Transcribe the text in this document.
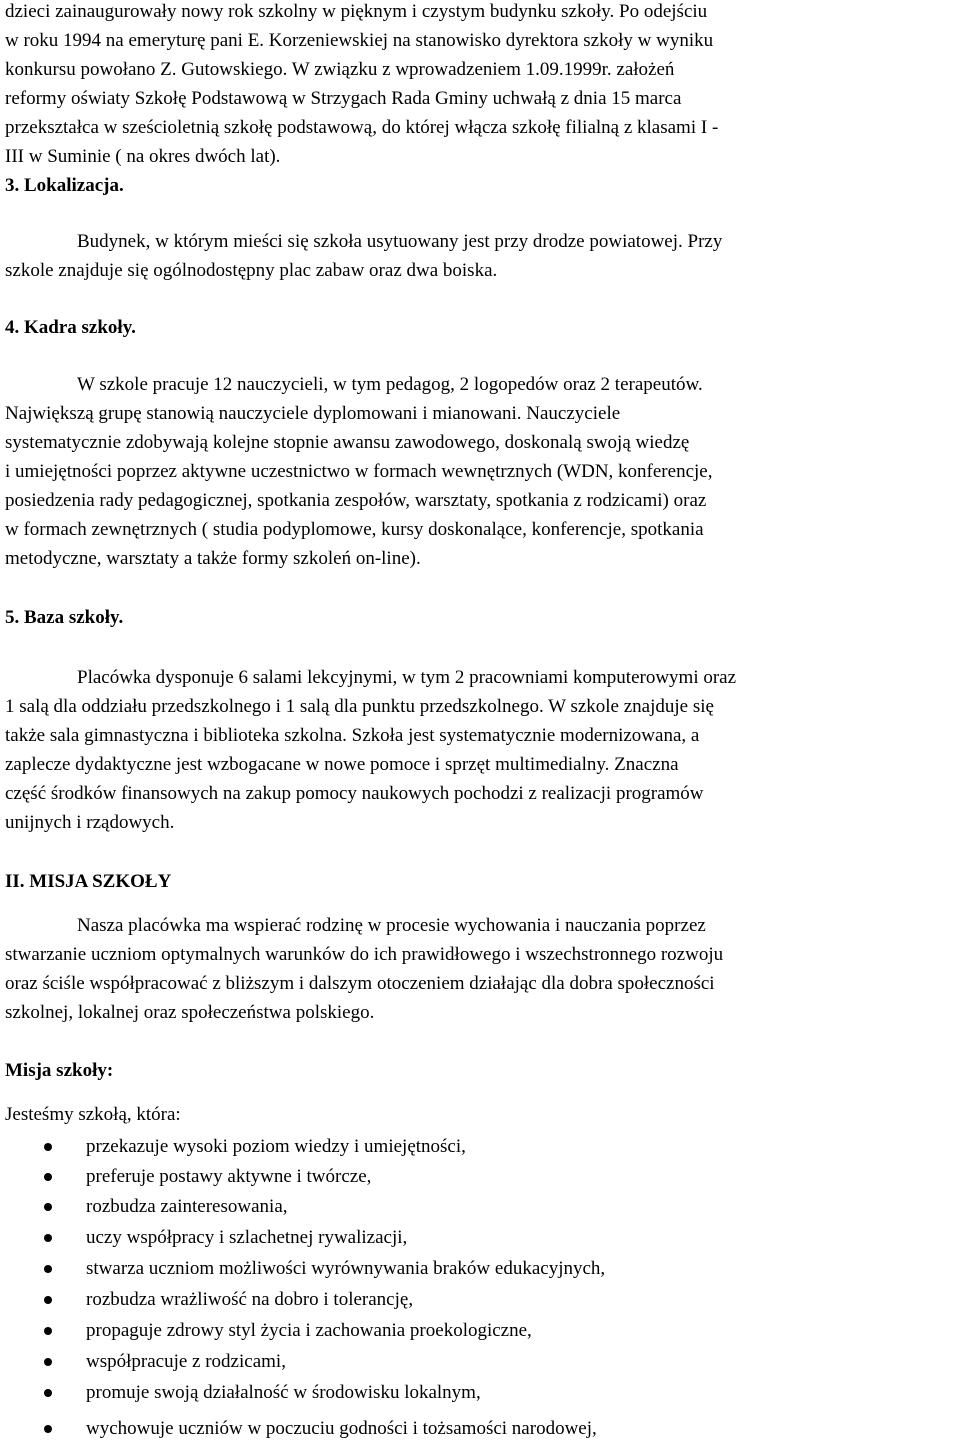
dzieci zainaugurowały nowy rok szkolny w pięknym i czystym budynku szkoły. Po odejściu
w roku 1994 na emeryturę pani E. Korzeniewskiej na stanowisko dyrektora szkoły w wyniku
konkursu powołano Z. Gutowskiego. W związku z wprowadzeniem 1.09.1999r. założeń
reformy oświaty Szkołę Podstawową w Strzygach Rada Gminy uchwałą z dnia 15 marca
przekształca w sześcioletnią szkołę podstawową, do której włącza szkołę filialną z klasami I -
III w Suminie ( na okres dwóch lat).
3. Lokalizacja.
Budynek, w którym mieści się szkoła usytuowany jest przy drodze powiatowej. Przy
szkole znajduje się ogólnodostępny plac zabaw oraz dwa boiska.
4. Kadra szkoły.
W szkole pracuje 12 nauczycieli, w tym pedagog, 2 logopedów oraz 2 terapeutów.
Największą grupę stanowią nauczyciele dyplomowani i mianowani. Nauczyciele
systematycznie zdobywają kolejne stopnie awansu zawodowego, doskonalą swoją wiedzę
i umiejętności poprzez aktywne uczestnictwo w formach wewnętrznych (WDN, konferencje,
posiedzenia rady pedagogicznej, spotkania zespołów, warsztaty, spotkania z rodzicami) oraz
w formach zewnętrznych ( studia podyplomowe, kursy doskonalące, konferencje, spotkania
metodyczne, warsztaty a także formy szkoleń on-line).
5. Baza szkoły.
Placówka dysponuje 6 salami lekcyjnymi, w tym 2 pracowniami komputerowymi oraz
1 salą dla oddziału przedszkolnego i 1 salą dla punktu przedszkolnego. W szkole znajduje się
także sala gimnastyczna i biblioteka szkolna. Szkoła jest systematycznie modernizowana, a
zaplecze dydaktyczne jest wzbogacane w nowe pomoce i sprzęt multimedialny. Znaczna
część środków finansowych na zakup pomocy naukowych pochodzi z realizacji programów
unijnych i rządowych.
II. MISJA SZKOŁY
Nasza placówka ma wspierać rodzinę w procesie wychowania i nauczania poprzez
stwarzanie uczniom optymalnych warunków do ich prawidłowego i wszechstronnego rozwoju
oraz ściśle współpracować z bliższym i dalszym otoczeniem działając dla dobra społeczności
szkolnej, lokalnej oraz społeczeństwa polskiego.
Misja szkoły:
Jesteśmy szkołą, która:
przekazuje wysoki poziom wiedzy i umiejętności,
preferuje postawy aktywne i twórcze,
rozbudza zainteresowania,
uczy współpracy i szlachetnej rywalizacji,
stwarza uczniom możliwości wyrównywania braków edukacyjnych,
rozbudza wrażliwość na dobro i tolerancję,
propaguje zdrowy styl życia i zachowania proekologiczne,
współpracuje z rodzicami,
promuje swoją działalność w środowisku lokalnym,
wychowuje uczniów w poczuciu godności i tożsamości narodowej,
